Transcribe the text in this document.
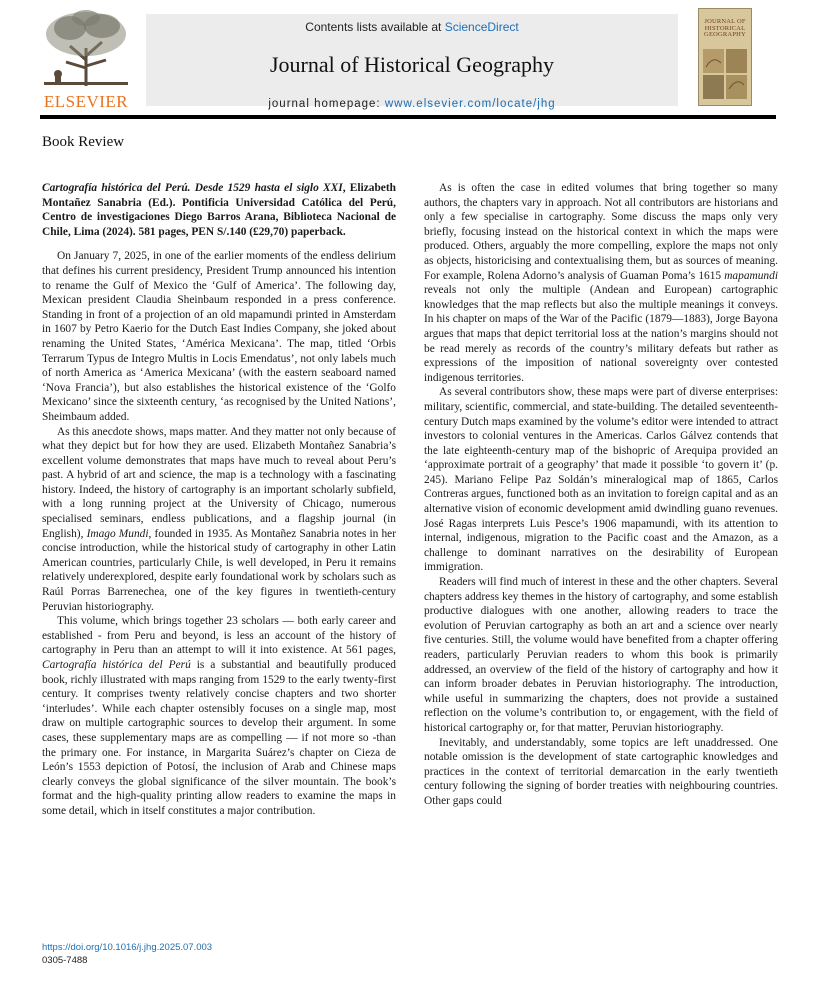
ELSEVIER
Contents lists available at ScienceDirect
Journal of Historical Geography
journal homepage: www.elsevier.com/locate/jhg
JOURNAL OF HISTORICAL GEOGRAPHY
Book Review

Cartografía histórica del Perú. Desde 1529 hasta el siglo XXI, Elizabeth Montañez Sanabria (Ed.). Pontificia Universidad Católica del Perú, Centro de investigaciones Diego Barros Arana, Biblioteca Nacional de Chile, Lima (2024). 581 pages, PEN S/.140 (£29,70) paperback.

On January 7, 2025, in one of the earlier moments of the endless delirium that defines his current presidency, President Trump announced his intention to rename the Gulf of Mexico the ‘Gulf of America’. The following day, Mexican president Claudia Sheinbaum responded in a press conference. Standing in front of a projection of an old mapamundi printed in Amsterdam in 1607 by Petro Kaerio for the Dutch East Indies Company, she joked about renaming the United States, ‘América Mexicana’. The map, titled ‘Orbis Terrarum Typus de Integro Multis in Locis Emendatus’, not only labels much of north America as ‘America Mexicana’ (with the eastern seaboard named ‘Nova Francia’), but also establishes the historical existence of the ‘Golfo Mexicano’ since the sixteenth century, ‘as recognised by the United Nations’, Sheimbaum added.

As this anecdote shows, maps matter. And they matter not only because of what they depict but for how they are used. Elizabeth Montañez Sanabria’s excellent volume demonstrates that maps have much to reveal about Peru’s past. A hybrid of art and science, the map is a technology with a fascinating history. Indeed, the history of cartography is an important scholarly subfield, with a long running project at the University of Chicago, numerous specialised seminars, endless publications, and a flagship journal (in English), Imago Mundi, founded in 1935. As Montañez Sanabria notes in her concise introduction, while the historical study of cartography in other Latin American countries, particularly Chile, is well developed, in Peru it remains relatively underexplored, despite early foundational work by scholars such as Raúl Porras Barrenechea, one of the key figures in twentieth-century Peruvian historiography.

This volume, which brings together 23 scholars — both early career and established - from Peru and beyond, is less an account of the history of cartography in Peru than an attempt to will it into existence. At 561 pages, Cartografía histórica del Perú is a substantial and beautifully produced book, richly illustrated with maps ranging from 1529 to the early twenty-first century. It comprises twenty relatively concise chapters and two shorter ‘interludes’. While each chapter ostensibly focuses on a single map, most draw on multiple cartographic sources to develop their argument. In some cases, these supplementary maps are as compelling — if not more so -than the primary one. For instance, in Margarita Suárez’s chapter on Cieza de León’s 1553 depiction of Potosí, the inclusion of Arab and Chinese maps clearly conveys the global significance of the silver mountain. The book’s format and the high-quality printing allow readers to examine the maps in some detail, which in itself constitutes a major contribution.

As is often the case in edited volumes that bring together so many authors, the chapters vary in approach. Not all contributors are historians and only a few specialise in cartography. Some discuss the maps only very briefly, focusing instead on the historical context in which the maps were produced. Others, arguably the more compelling, explore the maps not only as objects, historicising and contextualising them, but as sources of meaning. For example, Rolena Adorno’s analysis of Guaman Poma’s 1615 mapamundi reveals not only the multiple (Andean and European) cartographic knowledges that the map reflects but also the multiple meanings it conveys. In his chapter on maps of the War of the Pacific (1879—1883), Jorge Bayona argues that maps that depict territorial loss at the nation’s margins should not be read merely as records of the country’s military defeats but rather as expressions of the imposition of national sovereignty over contested indigenous territories.

As several contributors show, these maps were part of diverse enterprises: military, scientific, commercial, and state-building. The detailed seventeenth-century Dutch maps examined by the volume’s editor were intended to attract investors to colonial ventures in the Americas. Carlos Gálvez contends that the late eighteenth-century map of the bishopric of Arequipa provided an ‘approximate portrait of a geography’ that made it possible ‘to govern it’ (p. 245). Mariano Felipe Paz Soldán’s mineralogical map of 1865, Carlos Contreras argues, functioned both as an invitation to foreign capital and as an alternative vision of economic development amid dwindling guano revenues. José Ragas interprets Luis Pesce’s 1906 mapamundi, with its attention to internal, indigenous, migration to the Pacific coast and the Amazon, as a challenge to dominant narratives on the desirability of European immigration.

Readers will find much of interest in these and the other chapters. Several chapters address key themes in the history of cartography, and some establish productive dialogues with one another, allowing readers to trace the evolution of Peruvian cartography as both an art and a science over nearly five centuries. Still, the volume would have benefited from a chapter offering readers, particularly Peruvian readers to whom this book is primarily addressed, an overview of the field of the history of cartography and how it can inform broader debates in Peruvian historiography. The introduction, while useful in summarizing the chapters, does not provide a sustained reflection on the volume’s contribution to, or engagement, with the field of historical cartography or, for that matter, Peruvian historiography.

Inevitably, and understandably, some topics are left unaddressed. One notable omission is the development of state cartographic knowledges and practices in the context of territorial demarcation in the early twentieth century following the signing of border treaties with neighbouring countries. Other gaps could

https://doi.org/10.1016/j.jhg.2025.07.003
0305-7488
